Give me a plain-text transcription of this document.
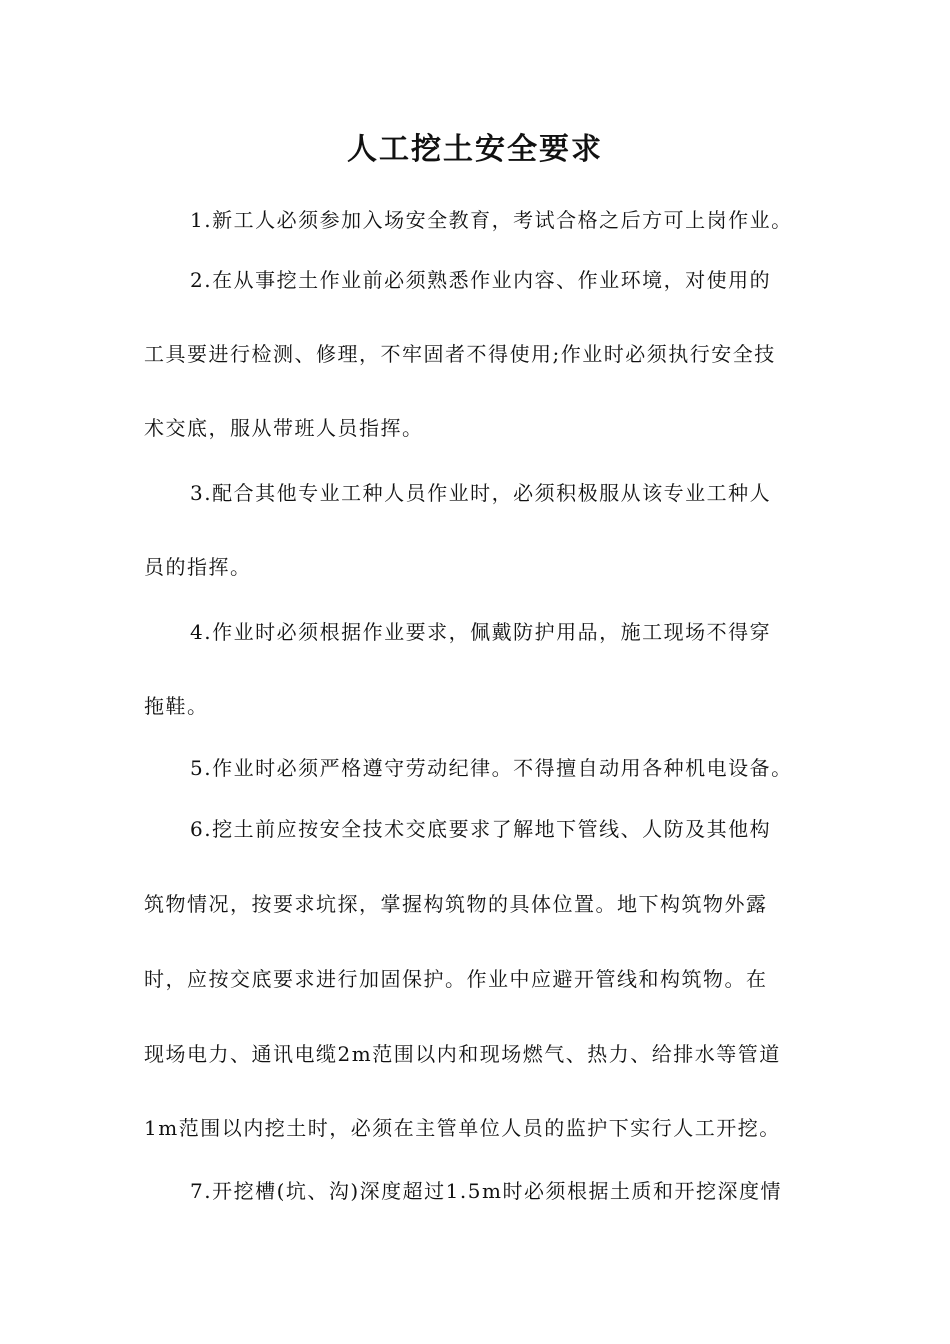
人工挖土安全要求

1.新工人必须参加入场安全教育，考试合格之后方可上岗作业。

2.在从事挖土作业前必须熟悉作业内容、作业环境，对使用的

工具要进行检测、修理，不牢固者不得使用;作业时必须执行安全技

术交底，服从带班人员指挥。

3.配合其他专业工种人员作业时，必须积极服从该专业工种人

员的指挥。

4.作业时必须根据作业要求，佩戴防护用品，施工现场不得穿

拖鞋。

5.作业时必须严格遵守劳动纪律。不得擅自动用各种机电设备。

6.挖土前应按安全技术交底要求了解地下管线、人防及其他构

筑物情况，按要求坑探，掌握构筑物的具体位置。地下构筑物外露

时，应按交底要求进行加固保护。作业中应避开管线和构筑物。在

现场电力、通讯电缆2m范围以内和现场燃气、热力、给排水等管道

1m范围以内挖土时，必须在主管单位人员的监护下实行人工开挖。

7.开挖槽(坑、沟)深度超过1.5m时必须根据土质和开挖深度情
